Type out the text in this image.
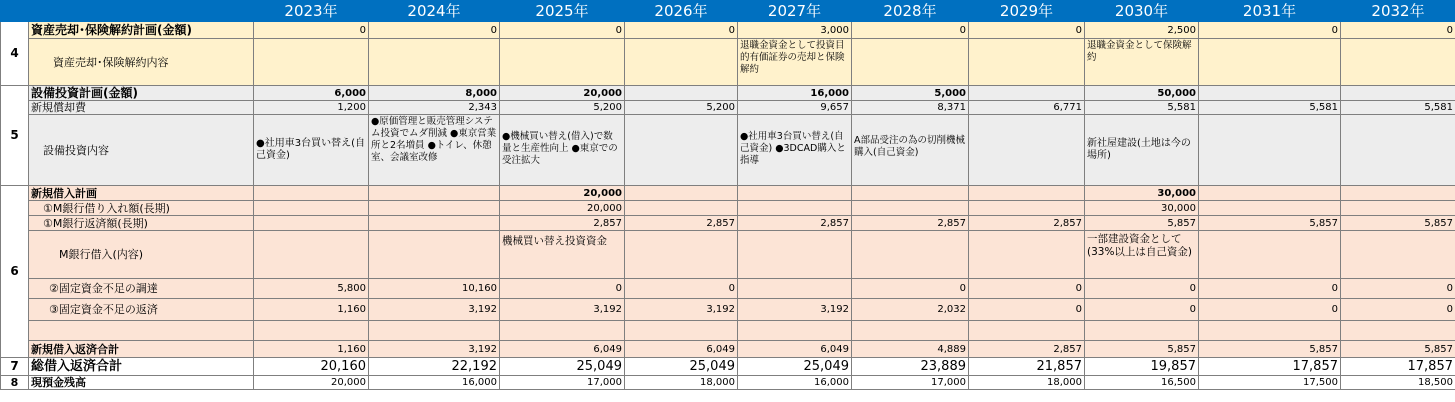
		2023年	2024年	2025年	2026年	2027年	2028年	2029年	2030年	2031年	2032年
4	資産売却･保険解約計画(金額)	0	0	0	0	3,000	0	0	2,500	0	0
	資産売却･保険解約内容					退職金資金として投資目的有価証券の売却と保険解約			退職金資金として保険解約		
5	設備投資計画(金額)	6,000	8,000	20,000		16,000	5,000		50,000		
	新規償却費	1,200	2,343	5,200	5,200	9,657	8,371	6,771	5,581	5,581	5,581
	設備投資内容	●社用車3台買い替え(自己資金)	●原価管理と販売管理システム投資でムダ削減 ●東京営業所と2名増員 ●トイレ、休憩室、会議室改修	●機械買い替え(借入)で数量と生産性向上 ●東京での受注拡大		●社用車3台買い替え(自己資金) ●3DCAD購入と指導	A部品受注の為の切削機械購入(自己資金)		新社屋建設(土地は今の場所)		
6	新規借入計画			20,000					30,000		
	①M銀行借り入れ額(長期)			20,000					30,000		
	①M銀行返済額(長期)			2,857	2,857	2,857	2,857	2,857	5,857	5,857	5,857
	M銀行借入(内容)			機械買い替え投資資金					一部建設資金として(33%以上は自己資金)		
	②固定資金不足の調達	5,800	10,160	0	0		0	0	0	0	0
	③固定資金不足の返済	1,160	3,192	3,192	3,192	3,192	2,032	0	0	0	0

	新規借入返済合計	1,160	3,192	6,049	6,049	6,049	4,889	2,857	5,857	5,857	5,857
7	総借入返済合計	20,160	22,192	25,049	25,049	25,049	23,889	21,857	19,857	17,857	17,857
8	現預金残高	20,000	16,000	17,000	18,000	16,000	17,000	18,000	16,500	17,500	18,500
